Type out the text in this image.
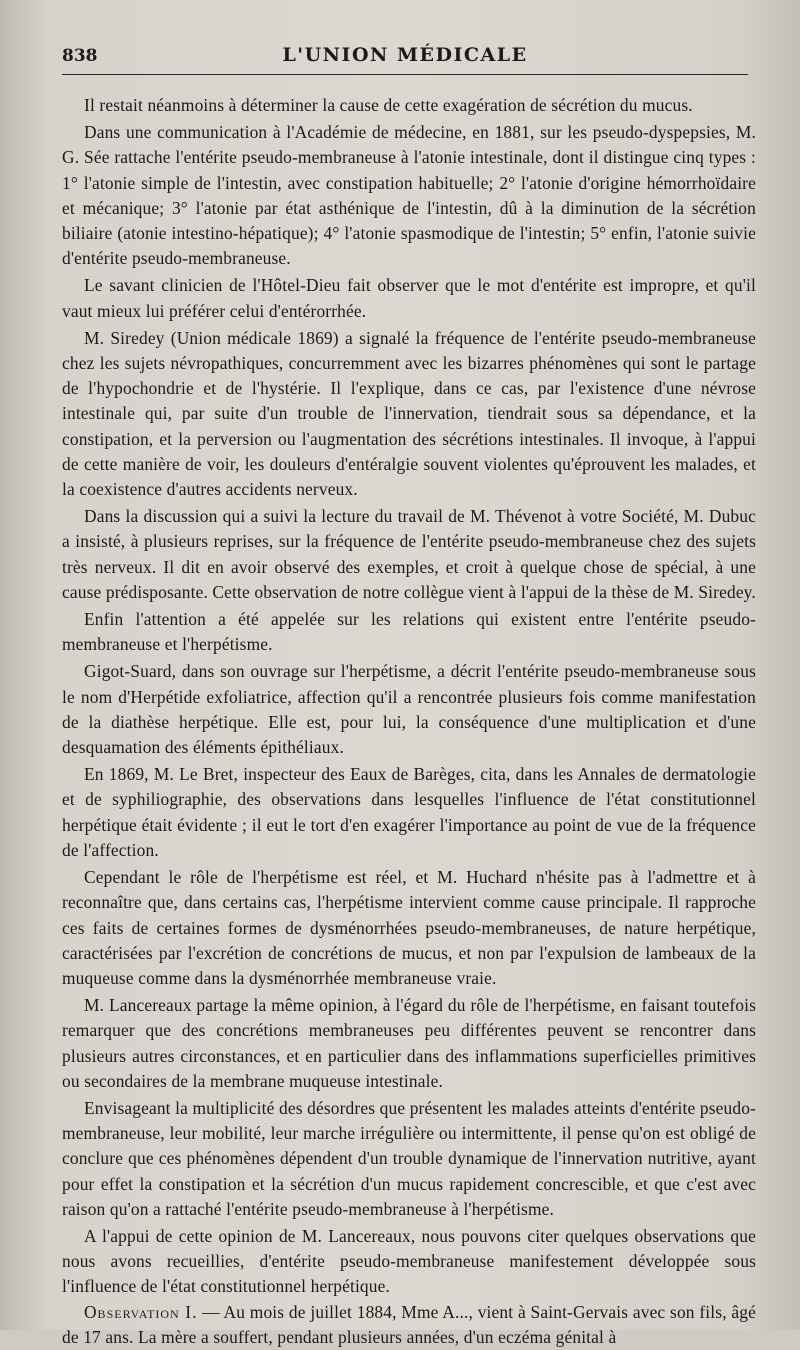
838	L'UNION MÉDICALE

Il restait néanmoins à déterminer la cause de cette exagération de sécrétion du mucus.

Dans une communication à l'Académie de médecine, en 1881, sur les pseudo-dyspepsies, M. G. Sée rattache l'entérite pseudo-membraneuse à l'atonie intestinale, dont il distingue cinq types : 1° l'atonie simple de l'intestin, avec constipation habituelle; 2° l'atonie d'origine hémorrhoïdaire et mécanique; 3° l'atonie par état asthénique de l'intestin, dû à la diminution de la sécrétion biliaire (atonie intestino-hépatique); 4° l'atonie spasmodique de l'intestin; 5° enfin, l'atonie suivie d'entérite pseudo-membraneuse.

Le savant clinicien de l'Hôtel-Dieu fait observer que le mot d'entérite est impropre, et qu'il vaut mieux lui préférer celui d'entérorrhée.

M. Siredey (Union médicale 1869) a signalé la fréquence de l'entérite pseudo-membraneuse chez les sujets névropathiques, concurremment avec les bizarres phénomènes qui sont le partage de l'hypochondrie et de l'hystérie. Il l'explique, dans ce cas, par l'existence d'une névrose intestinale qui, par suite d'un trouble de l'innervation, tiendrait sous sa dépendance, et la constipation, et la perversion ou l'augmentation des sécrétions intestinales. Il invoque, à l'appui de cette manière de voir, les douleurs d'entéralgie souvent violentes qu'éprouvent les malades, et la coexistence d'autres accidents nerveux.

Dans la discussion qui a suivi la lecture du travail de M. Thévenot à votre Société, M. Dubuc a insisté, à plusieurs reprises, sur la fréquence de l'entérite pseudo-membraneuse chez des sujets très nerveux. Il dit en avoir observé des exemples, et croit à quelque chose de spécial, à une cause prédisposante. Cette observation de notre collègue vient à l'appui de la thèse de M. Siredey.

Enfin l'attention a été appelée sur les relations qui existent entre l'entérite pseudo-membraneuse et l'herpétisme.

Gigot-Suard, dans son ouvrage sur l'herpétisme, a décrit l'entérite pseudo-membraneuse sous le nom d'Herpétide exfoliatrice, affection qu'il a rencontrée plusieurs fois comme manifestation de la diathèse herpétique. Elle est, pour lui, la conséquence d'une multiplication et d'une desquamation des éléments épithéliaux.

En 1869, M. Le Bret, inspecteur des Eaux de Barèges, cita, dans les Annales de dermatologie et de syphiliographie, des observations dans lesquelles l'influence de l'état constitutionnel herpétique était évidente ; il eut le tort d'en exagérer l'importance au point de vue de la fréquence de l'affection.

Cependant le rôle de l'herpétisme est réel, et M. Huchard n'hésite pas à l'admettre et à reconnaître que, dans certains cas, l'herpétisme intervient comme cause principale. Il rapproche ces faits de certaines formes de dysménorrhées pseudo-membraneuses, de nature herpétique, caractérisées par l'excrétion de concrétions de mucus, et non par l'expulsion de lambeaux de la muqueuse comme dans la dysménorrhée membraneuse vraie.

M. Lancereaux partage la même opinion, à l'égard du rôle de l'herpétisme, en faisant toutefois remarquer que des concrétions membraneuses peu différentes peuvent se rencontrer dans plusieurs autres circonstances, et en particulier dans des inflammations superficielles primitives ou secondaires de la membrane muqueuse intestinale.

Envisageant la multiplicité des désordres que présentent les malades atteints d'entérite pseudo-membraneuse, leur mobilité, leur marche irrégulière ou intermittente, il pense qu'on est obligé de conclure que ces phénomènes dépendent d'un trouble dynamique de l'innervation nutritive, ayant pour effet la constipation et la sécrétion d'un mucus rapidement concrescible, et que c'est avec raison qu'on a rattaché l'entérite pseudo-membraneuse à l'herpétisme.

A l'appui de cette opinion de M. Lancereaux, nous pouvons citer quelques observations que nous avons recueillies, d'entérite pseudo-membraneuse manifestement développée sous l'influence de l'état constitutionnel herpétique.

Observation I. — Au mois de juillet 1884, Mme A..., vient à Saint-Gervais avec son fils, âgé de 17 ans. La mère a souffert, pendant plusieurs années, d'un eczéma génital à
